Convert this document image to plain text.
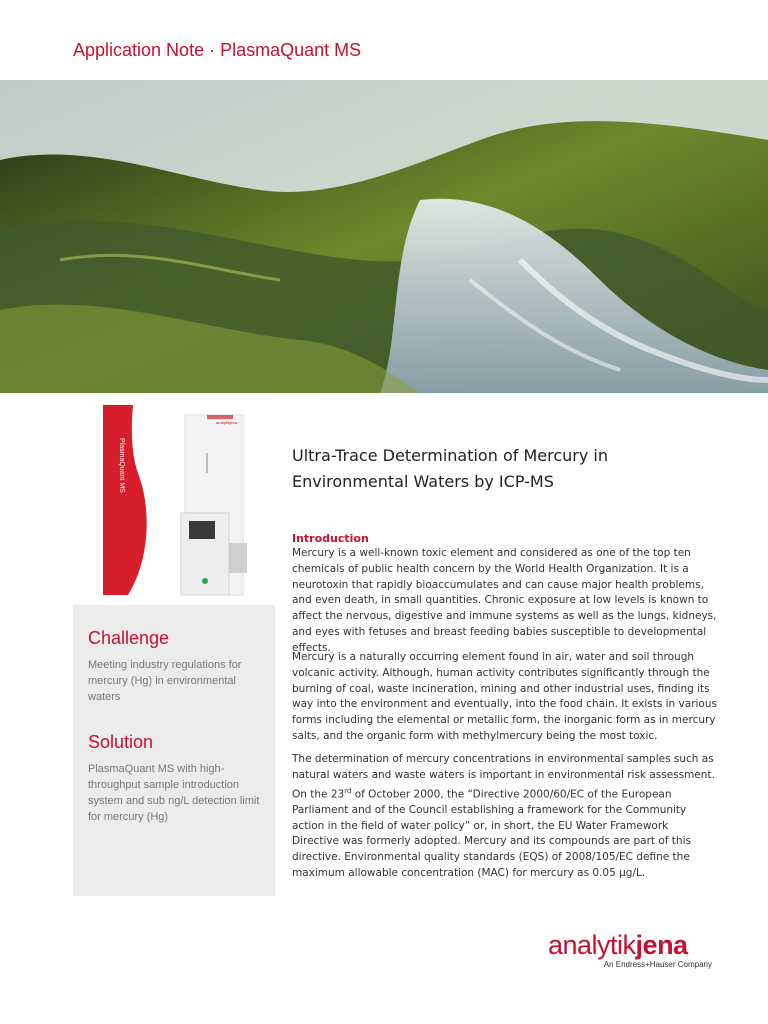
Application Note · PlasmaQuant MS
PlasmaQuant MS
analytikjena
Challenge
Meeting industry regulations for mercury (Hg) in environmental waters
Solution
PlasmaQuant MS with high-throughput sample introduction system and sub ng/L detection limit for mercury (Hg)
Ultra-Trace Determination of Mercury in Environmental Waters by ICP-MS
Introduction

Mercury is a well-known toxic element and considered as one of the top ten chemicals of public health concern by the World Health Organization. It is a neurotoxin that rapidly bioaccumulates and can cause major health problems, and even death, in small quantities. Chronic exposure at low levels is known to affect the nervous, digestive and immune systems as well as the lungs, kidneys, and eyes with fetuses and breast feeding babies susceptible to developmental effects.

Mercury is a naturally occurring element found in air, water and soil through volcanic activity. Although, human activity contributes significantly through the burning of coal, waste incineration, mining and other industrial uses, finding its way into the environment and eventually, into the food chain. It exists in various forms including the elemental or metallic form, the inorganic form as in mercury salts, and the organic form with methylmercury being the most toxic.

The determination of mercury concentrations in environmental samples such as natural waters and waste waters is important in environmental risk assessment. On the 23rd of October 2000, the “Directive 2000/60/EC of the European Parliament and of the Council establishing a framework for the Community action in the field of water policy” or, in short, the EU Water Framework Directive was formerly adopted. Mercury and its compounds are part of this directive. Environmental quality standards (EQS) of 2008/105/EC define the maximum allowable concentration (MAC) for mercury as 0.05 µg/L.

analytikjena
An Endress+Hauser Company
